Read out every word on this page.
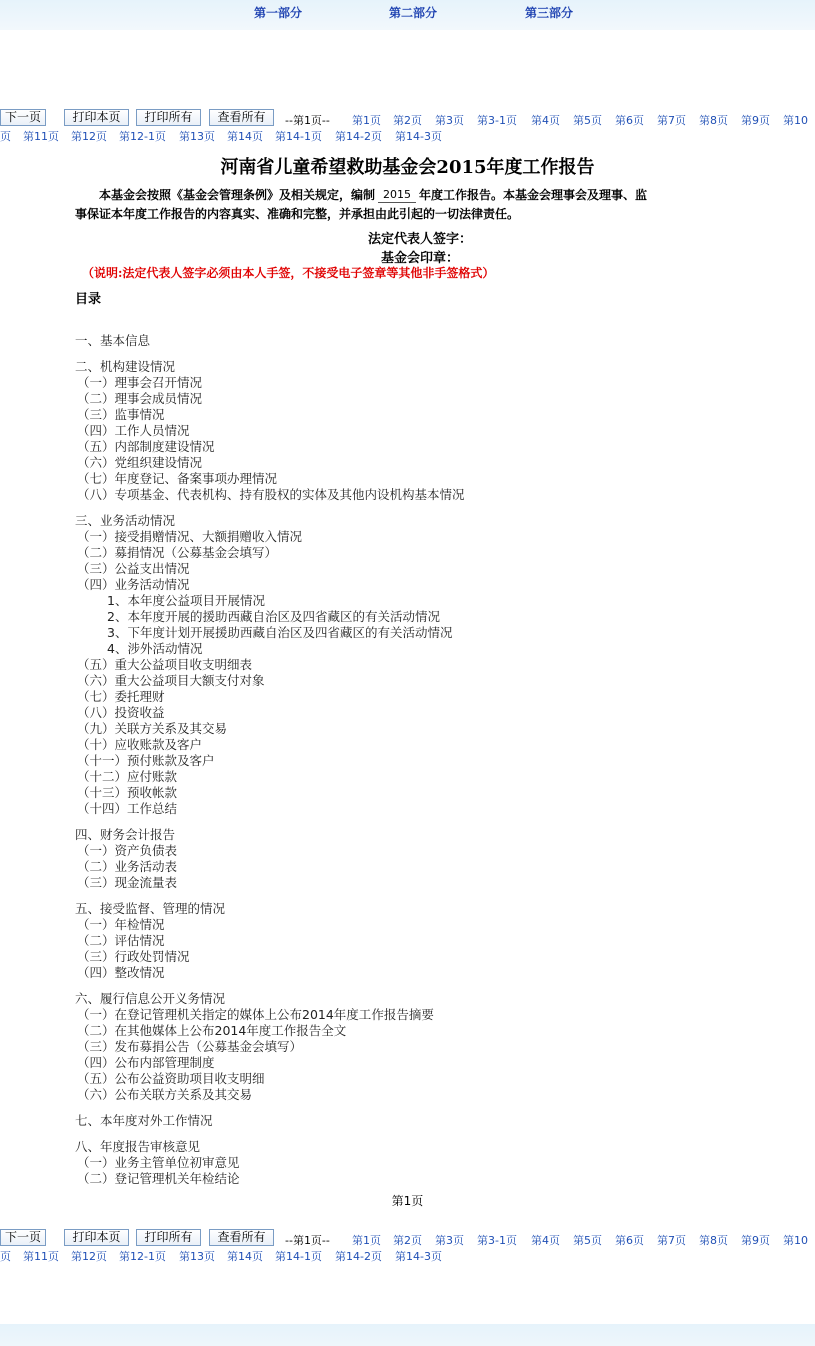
第一部分	第二部分	第三部分
下一页	打印本页	打印所有	查看所有	--第1页-- 第1页 第2页 第3页 第3-1页 第4页 第5页 第6页 第7页 第8页 第9页 第10
页 第11页 第12页 第12-1页 第13页 第14页 第14-1页 第14-2页 第14-3页
河南省儿童希望救助基金会2015年度工作报告
本基金会按照《基金会管理条例》及相关规定，编制 2015 年度工作报告。本基金会理事会及理事、监
事保证本年度工作报告的内容真实、准确和完整，并承担由此引起的一切法律责任。
法定代表人签字：
基金会印章：
（说明:法定代表人签字必须由本人手签，不接受电子签章等其他非手签格式）
目录
一、基本信息
二、机构建设情况
（一）理事会召开情况
（二）理事会成员情况
（三）监事情况
（四）工作人员情况
（五）内部制度建设情况
（六）党组织建设情况
（七）年度登记、备案事项办理情况
（八）专项基金、代表机构、持有股权的实体及其他内设机构基本情况
三、业务活动情况
（一）接受捐赠情况、大额捐赠收入情况
（二）募捐情况（公募基金会填写）
（三）公益支出情况
（四）业务活动情况
1、本年度公益项目开展情况
2、本年度开展的援助西藏自治区及四省藏区的有关活动情况
3、下年度计划开展援助西藏自治区及四省藏区的有关活动情况
4、涉外活动情况
（五）重大公益项目收支明细表
（六）重大公益项目大额支付对象
（七）委托理财
（八）投资收益
（九）关联方关系及其交易
（十）应收账款及客户
（十一）预付账款及客户
（十二）应付账款
（十三）预收帐款
（十四）工作总结
四、财务会计报告
（一）资产负债表
（二）业务活动表
（三）现金流量表
五、接受监督、管理的情况
（一）年检情况
（二）评估情况
（三）行政处罚情况
（四）整改情况
六、履行信息公开义务情况
（一）在登记管理机关指定的媒体上公布2014年度工作报告摘要
（二）在其他媒体上公布2014年度工作报告全文
（三）发布募捐公告（公募基金会填写）
（四）公布内部管理制度
（五）公布公益资助项目收支明细
（六）公布关联方关系及其交易
七、本年度对外工作情况
八、年度报告审核意见
（一）业务主管单位初审意见
（二）登记管理机关年检结论
第1页
下一页	打印本页	打印所有	查看所有	--第1页-- 第1页 第2页 第3页 第3-1页 第4页 第5页 第6页 第7页 第8页 第9页 第10
页 第11页 第12页 第12-1页 第13页 第14页 第14-1页 第14-2页 第14-3页
